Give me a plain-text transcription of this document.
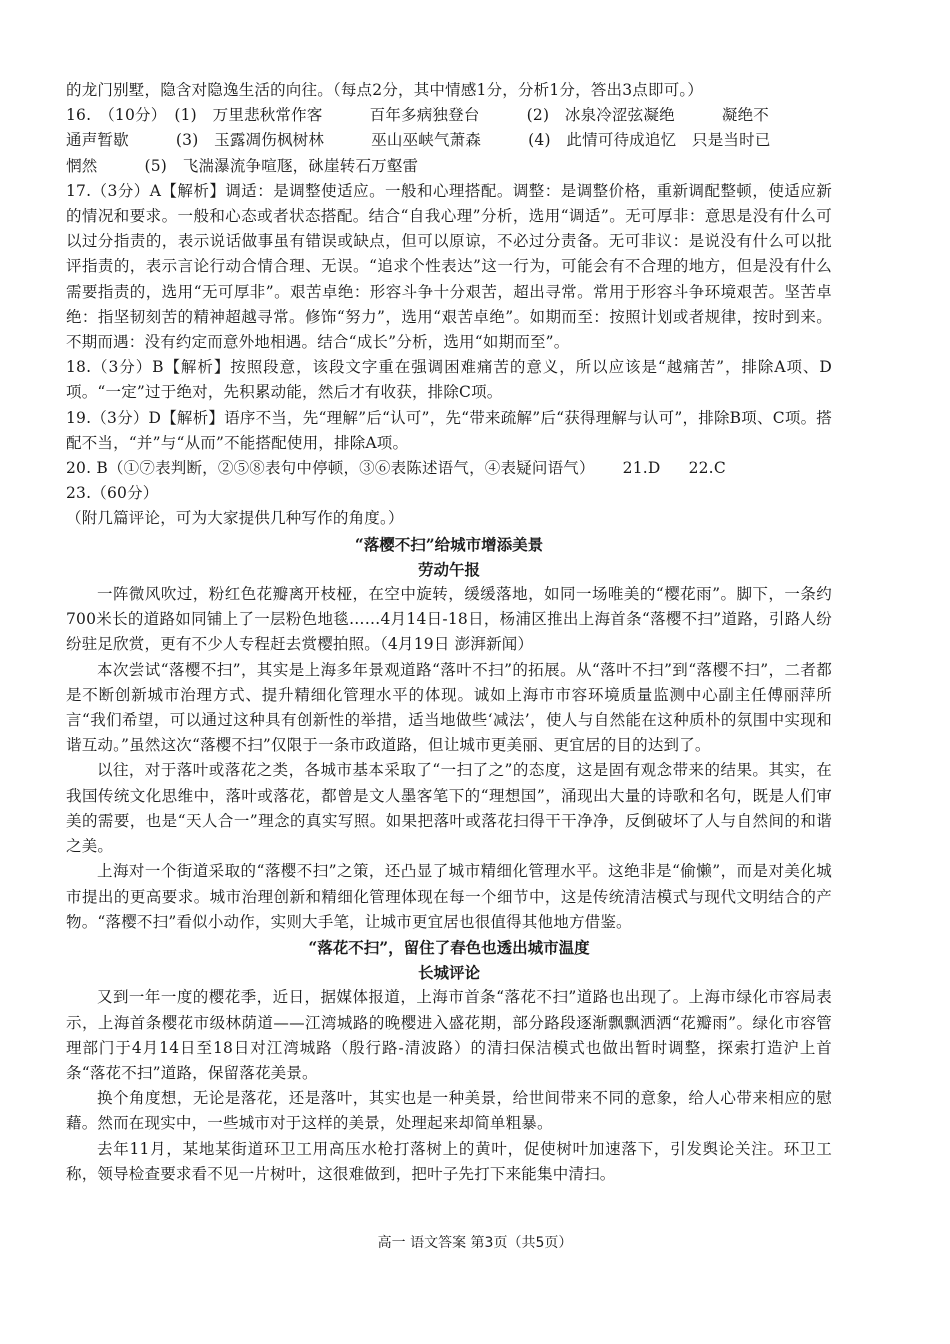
的龙门别墅，隐含对隐逸生活的向往。（每点2分，其中情感1分，分析1分，答出3点即可。）
16.　（10分）　(1)　万里悲秋常作客　　　百年多病独登台　　　(2)　冰泉冷涩弦凝绝　　　凝绝不
通声暂歇　　　(3)　玉露凋伤枫树林　　　巫山巫峡气萧森　　　(4)　此情可待成追忆　只是当时已
惘然　　　(5)　飞湍瀑流争喧豗，砯崖转石万壑雷

17.（3分）A【解析】调适：是调整使适应。一般和心理搭配。调整：是调整价格，重新调配整顿，使适应新的情况和要求。一般和心态或者状态搭配。结合“自我心理”分析，选用“调适”。无可厚非：意思是没有什么可以过分指责的，表示说话做事虽有错误或缺点，但可以原谅，不必过分责备。无可非议：是说没有什么可以批评指责的，表示言论行动合情合理、无误。“追求个性表达”这一行为，可能会有不合理的地方，但是没有什么需要指责的，选用“无可厚非”。艰苦卓绝：形容斗争十分艰苦，超出寻常。常用于形容斗争环境艰苦。坚苦卓绝：指坚韧刻苦的精神超越寻常。修饰“努力”，选用“艰苦卓绝”。如期而至：按照计划或者规律，按时到来。不期而遇：没有约定而意外地相遇。结合“成长”分析，选用“如期而至”。

18.（3分）B【解析】按照段意，该段文字重在强调困难痛苦的意义，所以应该是“越痛苦”，排除A项、D项。“一定”过于绝对，先积累动能，然后才有收获，排除C项。

19.（3分）D【解析】语序不当，先“理解”后“认可”，先“带来疏解”后“获得理解与认可”，排除B项、C项。搭配不当，“并”与“从而”不能搭配使用，排除A项。

20. B（①⑦表判断，②⑤⑧表句中停顿，③⑥表陈述语气，④表疑问语气） 21.D 22.C
23.（60分）
（附几篇评论，可为大家提供几种写作的角度。）
“落樱不扫”给城市增添美景
劳动午报

一阵微风吹过，粉红色花瓣离开枝桠，在空中旋转，缓缓落地，如同一场唯美的“樱花雨”。脚下，一条约700米长的道路如同铺上了一层粉色地毯……4月14日-18日，杨浦区推出上海首条“落樱不扫”道路，引路人纷纷驻足欣赏，更有不少人专程赶去赏樱拍照。（4月19日 澎湃新闻）

本次尝试“落樱不扫”，其实是上海多年景观道路“落叶不扫”的拓展。从“落叶不扫”到“落樱不扫”，二者都是不断创新城市治理方式、提升精细化管理水平的体现。诚如上海市市容环境质量监测中心副主任傅丽萍所言“我们希望，可以通过这种具有创新性的举措，适当地做些‘减法’，使人与自然能在这种质朴的氛围中实现和谐互动。”虽然这次“落樱不扫”仅限于一条市政道路，但让城市更美丽、更宜居的目的达到了。

以往，对于落叶或落花之类，各城市基本采取了“一扫了之”的态度，这是固有观念带来的结果。其实，在我国传统文化思维中，落叶或落花，都曾是文人墨客笔下的“理想国”，涌现出大量的诗歌和名句，既是人们审美的需要，也是“天人合一”理念的真实写照。如果把落叶或落花扫得干干净净，反倒破坏了人与自然间的和谐之美。

上海对一个街道采取的“落樱不扫”之策，还凸显了城市精细化管理水平。这绝非是“偷懒”，而是对美化城市提出的更高要求。城市治理创新和精细化管理体现在每一个细节中，这是传统清洁模式与现代文明结合的产物。“落樱不扫”看似小动作，实则大手笔，让城市更宜居也很值得其他地方借鉴。

“落花不扫”，留住了春色也透出城市温度
长城评论

又到一年一度的樱花季，近日，据媒体报道，上海市首条“落花不扫”道路也出现了。上海市绿化市容局表示，上海首条樱花市级林荫道——江湾城路的晚樱进入盛花期，部分路段逐渐飘飘洒洒“花瓣雨”。绿化市容管理部门于4月14日至18日对江湾城路（殷行路-清波路）的清扫保洁模式也做出暂时调整，探索打造沪上首条“落花不扫”道路，保留落花美景。

换个角度想，无论是落花，还是落叶，其实也是一种美景，给世间带来不同的意象，给人心带来相应的慰藉。然而在现实中，一些城市对于这样的美景，处理起来却简单粗暴。

去年11月，某地某街道环卫工用高压水枪打落树上的黄叶，促使树叶加速落下，引发舆论关注。环卫工称，领导检查要求看不见一片树叶，这很难做到，把叶子先打下来能集中清扫。

高一 语文答案 第3页（共5页）
